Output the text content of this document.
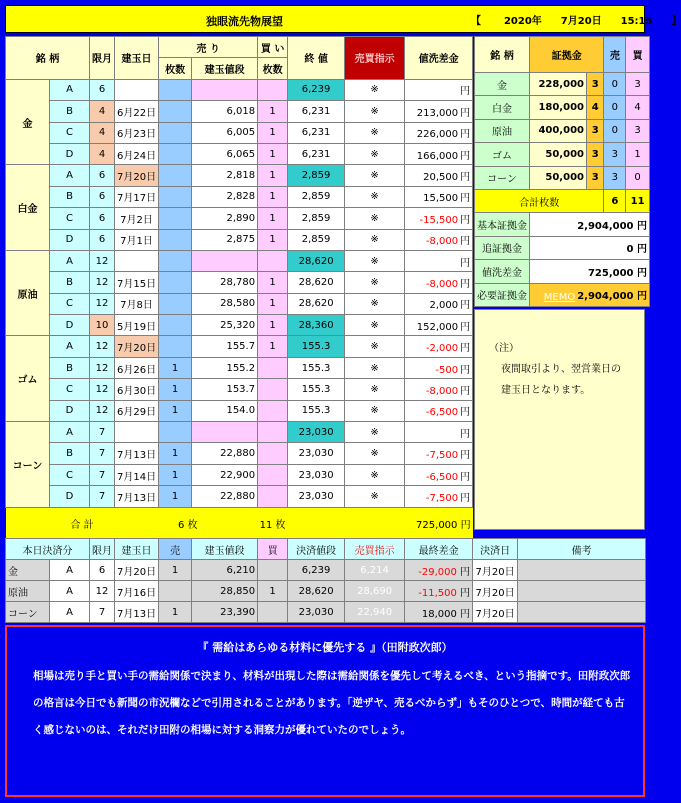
独眼流先物展望	【 2020年 7月20日 15:15 】
銘 柄		限月	建玉日	売 り		買 い	終 値	売買指示	値洗差金
				枚数	建玉値段	枚数			
金	A	6					6,239	※	円
	B	4	6月22日		6,018	1	6,231	※	213,000 円
	C	4	6月23日		6,005	1	6,231	※	226,000 円
	D	4	6月24日		6,065	1	6,231	※	166,000 円
白金	A	6	7月20日		2,818	1	2,859	※	20,500 円
	B	6	7月17日		2,828	1	2,859	※	15,500 円
	C	6	7月2日		2,890	1	2,859	※	-15,500 円
	D	6	7月1日		2,875	1	2,859	※	-8,000 円
原油	A	12					28,620	※	円
	B	12	7月15日		28,780	1	28,620	※	-8,000 円
	C	12	7月8日		28,580	1	28,620	※	2,000 円
	D	10	5月19日		25,320	1	28,360	※	152,000 円
ゴム	A	12	7月20日		155.7	1	155.3	※	-2,000 円
	B	12	6月26日	1	155.2		155.3	※	-500 円
	C	12	6月30日	1	153.7		155.3	※	-8,000 円
	D	12	6月29日	1	154.0		155.3	※	-6,500 円
コーン	A	7					23,030	※	円
	B	7	7月13日	1	22,880		23,030	※	-7,500 円
	C	7	7月14日	1	22,900		23,030	※	-6,500 円
	D	7	7月13日	1	22,880		23,030	※	-7,500 円
合 計				6 枚		11 枚		725,000 円	
銘 柄	証拠金		売	買
金	228,000	3	0	3
白金	180,000	4	0	4
原油	400,000	3	0	3
ゴム	50,000	3	3	1
コーン	50,000	3	3	0
合計枚数			6	11
基本証拠金	2,904,000 円			
追証拠金	0 円			
値洗差金	725,000 円			
必要証拠金	2,904,000 円			
MEMO
（注）
夜間取引より、翌営業日の
建玉日となります。
本日決済分		限月	建玉日	売	建玉値段	買	決済値段	売買指示	最終差金	決済日	備考
金	A	6	7月20日	1	6,210		6,239	6,214	-29,000 円	7月20日	
原油	A	12	7月16日		28,850	1	28,620	28,690	-11,500 円	7月20日	
コーン	A	7	7月13日	1	23,390		23,030	22,940	18,000 円	7月20日	
『 需給はあらゆる材料に優先する 』（田附政次郎）
相場は売り手と買い手の需給関係で決まり、材料が出現した際は需給関係を優先して考えるべき、という指摘です。田附政次郎の格言は今日でも新聞の市況欄などで引用されることがあります。「逆ザヤ、売るべからず」もそのひとつで、時間が経ても古く感じないのは、それだけ田附の相場に対する洞察力が優れていたのでしょう。
